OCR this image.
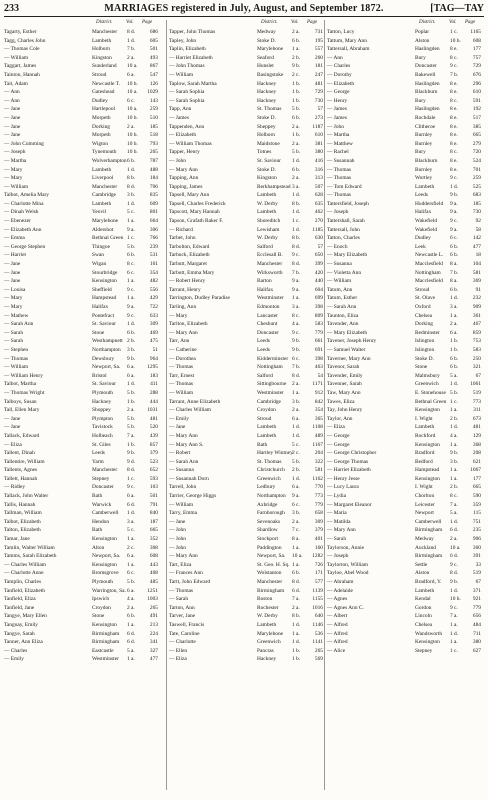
233	MARRIAGES registered in July, August, and September 1872.	[TAG—TAY
District.	Vol. Page
Tagarty, Esther	Manchester	8 d.	686
Tagg, Charles John	Lambeth	1 d.	605
— Thomas Cole	Holborn	7 b.	501
— William	Kingston	2 a.	493
Taggart, James	Sunderland	10 a.	867
Tainton, Hannah	Stroud	6 a.	547
Tait, Adam	Newcastle T.	10 b.	126
— Ann	Gateshead	10 a.	1029
— Ann	Dudley	6 c.	143
— Jane	Hartlepool	10 a.	259
— Jane	Morpeth	10 b.	510
— Jane	Dorking	2 a.	185
— Jane	Morpeth	10 b.	518
— John Cumming	Wigton	10 b.	793
— Joseph	Tynemouth	10 b.	265
— Martha	Wolverhampton 6 b.	787
— Mary	Lambeth	1 d.	488
— Mary	Liverpool	8 b.	184
— William	Manchester	8 d.	706
Talbot, Amelia Mary	Cambridge	3 b.	835
— Charlotte Mina	Lambeth	1 d.	609
— Dinah Welsh	Yeovil	5 c.	801
— Ebenezer	Marylebone	1 a.	664
— Elizabeth Ann	Aldershot	9 a.	306
— Emma	Bethnal Green 1 c.	766
— George Stephen	Thingoe	5 b.	239
— Harriet	Swan	6 b.	531
— Jane	Wigan	8 c.	161
— Jane	Stourbridge	6 c.	354
— Jane	Kensington	1 a.	482
— Louisa	Sheffield	9 c.	556
— Mary	Hampstead	1 a.	429
— Mary	Halifax	9 a.	722
— Mathew	Pontefract	9 c.	633
— Sarah Ann	St. Saviour	1 d.	309
— Sarah	Stone	6 b.	469
— Sarah	Westhampnett 2 b.	475
— Stephen	Northampton	3 b.	51
— Thomas	Dewsbury	9 b.	964
— William	Newport, Sa.	6 a.	1295
— William Henry	Bristol	6 a.	183
Talbot, Martha	St. Saviour	1 d.	411
— Thomas Wright	Plymouth	5 b.	288
Talboys, Susan	Hackney	1 b.	444
Tall, Ellen Mary	Shoppey	2 a.	1031
— Jane	Plympton	5 b.	481
— Jane	Tavistock	5 b.	520
Tallack, Edward	Holbeach	7 a.	439
— Eliza	St. Giles	1 b.	857
Tallent, Dinah	Leeds	9 b.	379
Tallentire, William	Yarm	9 d.	523
Tallents, Agnes	Manchester	8 d.	652
Tallett, Hannah	Stepney	1 c.	593
— Ridley	Doncaster	9 c.	103
Tallack, John Walter	Bath	6 a.	501
Tallis, Hannah	Warwick	6 d.	791
Tallman, William	Camberwell	1 d.	840
Talbot, Elizabeth	Hendon	3 a.	187
Talton, Elizabeth	Bath	5 c.	665
Tamar, Jane	Kensington	1 a.	352
Tamlin, Walter William	Alton	2 c.	308
Tamms, Sarah Elizabeth	Newport, Sa.	6 a.	608
— Charles William	Kensington	1 a.	443
— Charlotte Anne	Bromsgrove	6 c.	408
Tamplin, Charles	Plymouth	5 b.	485
Tanfield, Elizabeth	Warrington, Sa. 6 a.	1251
Tanfield, Eliza	Ipswich	4 a.	1003
Tanfield, Jane	Croydon	2 a.	265
Tangye, Mary Ellen	Stone	6 b.	491
Tanguay, Emily	Kensington	1 a.	213
Tangye, Sarah	Birmingham	6 d.	224
Tanner, Ann Eliza	Birmingham	6 d.	341
— Charles	Eastcastle	5 a.	327
— Emily	Westminster	1 a.	477
District.	Vol. Page
Tapper, John Thomas	Medway	2 a.	731
Tapley, John	Stoke D.	6 b.	195
Taplin, Elizabeth	Marylebone	1 a.	557
— Harriet Elizabeth	Seaford	2 b.	260
— John Thomas	Hunslet	9 b.	181
— William	Basingstoke	2 c.	247
Taplow, Sarah Martha	Hackney	1 b.	481
— Sarah Sophia	Hackney	1 b.	729
— Sarah Sophia	Hackney	1 b.	730
Tapp, Ann	St. Thomas	5 b.	57
— James	Stoke D.	6 b.	273
Tappenden, Ann	Sheppey	2 a.	1187
— Elizabeth	Holborn	1 b.	610
— William Thomas	Maidstone	2 a.	381
Tapper, Henry	Totnes	5 b.	380
— John	St. Saviour	1 d.	416
— Mary Ann	Stoke D.	6 b.	316
Tapping, Ann	Kingston	2 a.	313
Tapping, James	Berkhampstead 3 a.	507
Tapsell, Mary Ann	Lambeth	1 d.	628
Tapsell, Charles Frederick	W. Derby	8 b.	635
Tapscott, Mary Hannah	Lambeth	1 d.	462
Tapson, Grafath Baker F.	Shoreditch	1 c.	270
— Richard	Lewisham	1 d.	1185
Tarbet, John	W. Derby	8 b.	630
Tarbolton, Edward	Salford	8 d.	57
Tarbuck, Elizabeth	Ecclesall B.	9 c.	650
Tarbutt, Margaret	Manchester	8 d.	399
Tarbutt, Emma Mary	Wirksworth	7 b.	420
— Robert Henry	Barton	9 a.	440
Tarrant, Henry	Halifax	9 a.	604
Tarrington, Dudley Paradise	Westminster	1 a.	699
Tarling, Ann	Edmonton	3 a.	398
— Mary	Lancaster	8 c.	809
Tarlton, Elizabeth	Cheshunt	4 a.	583
— Mary Ann	Doncaster	9 c.	779
Tarr, Ann	Leeds	9 b.	661
— Catherine	Leeds	9 b.	691
— Dorothea	Kidderminster 6 c.	398
— Thomas	Nottingham	7 b.	463
Tarr, Ernest	Salford	8 d.	54
— Thomas	Sittingbourne	2 a.	1171
— William	Westminster	1 a.	912
Tarrant, Anne Elizabeth	Cambridge	3 b.	842
— Charles William	Croydon	2 a.	354
— Emily	Stroud	6 a.	365
— Jane	Lambeth	1 d.	1108
— Mary Ann	Lambeth	1 d.	489
— Mary Ann S.	Bath	5 c.	1167
— Robert	Hartley Wintney 2 c.	204
— Sarah Ann	St. Thomas	5 b.	322
— Susanna	Christchurch	2 b.	581
— Susannah Dorn	Greenwich	1 d.	1162
Tarrell, John	Ledbury	6 a.	770
Tarrier, George Higgs	Northampton	9 a.	773
— William	Axbridge	6 c.	779
Tarry, Emma	Farnborough	3 b.	658
— Jane	Sevenoaks	2 a.	309
— John	Shardlow	7 c.	379
— John	Stockport	8 a.	401
— John	Paddington	1 a.	160
— Mary Ann	Newport, Sa.	10 a.	1282
Tart, Eliza	St. Geo. H. Sq. 1 a.	726
— Frances Ann	Wolstanton	6 b.	171
Tartt, John Edward	Manchester	8 d.	577
— Thomas	Birmingham	6 d.	1139
— Sarah	Boston	7 a.	1155
Tarton, Ann	Rochester	2 a.	1016
Tarver, Jane	W. Derby	8 b.	640
Taswell, Francis	Lambeth	1 d.	1146
Tate, Caroline	Marylebone	1 a.	536
— Charlotte	Greenwich	1 d.	1141
— Ellen	Pancras	1 b.	265
— Eliza	Hackney	1 b.	569
District.	Vol. Page
Tatton, Lucy	Poplar	1 c.	1165
Tattum, Mary Ann	Alston	10 b.	608
Tattersall, Abraham	Haslingden	8 e.	177
— Ann	Bury	8 c.	757
— Charles	Doncaster	9 c.	729
— Dorothy	Bakewell	7 b.	676
— Elizabeth	Haslingden	8 e.	296
— George	Blackburn	8 e.	610
— Henry	Bury	8 c.	591
— James	Haslingden	8 e.	192
— James	Rochdale	8 e.	517
— John	Clitheroe	8 e.	385
— Martha	Burnley	8 e.	665
— Matthew	Burnley	8 e.	279
— Rachel	Bury	8 c.	720
— Susannah	Blackburn	8 e.	524
— Thomas	Burnley	8 e.	701
— Thomas	Wortley	9 c.	259
— Tom Edward	Lambeth	1 d.	525
— Thomas	Leeds	9 b.	683
Tattersfield, Joseph	Huddersfield	9 a.	185
— Joseph	Halifax	9 a.	730
Tattershall, Sarah	Wakefield	9 c.	92
Tattersall, John	Wakefield	9 a.	58
Tatton, Charles	Dudley	6 c.	142
— Enoch	Leek	6 b.	477
— Mary Elizabeth	Newcastle L.	6 b.	18
— Susanna	Macclesfield	8 a.	104
— Violetta Ann	Nottingham	7 b.	581
— William	Macclesfield	8 a.	369
Tatum, Ann	Stroud	6 b.	91
Tatum, Esther	St. Olave	1 d.	232
— Sarah Ann	Oxford	3 a.	909
Taunton, Eliza	Chelsea	1 a.	361
Tavender, Ann	Dorking	2 a.	467
— Mary Elizabeth	Bedminster	6 a.	859
Tavener, Joseph Henry	Islington	1 b.	753
— Samuel Walter	Islington	1 b.	583
Taverner, Mary Ann	Stoke D.	6 b.	250
Tavenor, Sarah	Stone	6 b.	321
Tavender, Emily	Malmsbury	5 a.	67
Tavenner, Sarah	Greenwich	1 d.	1061
Taw, Mary Ann	E. Stonehouse 5 b.	519
Tawes, Eliza	Bethnal Green 1 c.	773
Tay, John Henry	Kensington	1 a.	311
Taylor, Ann	I. Wight	2 b.	673
— Eliza	Lambeth	1 d.	481
— George	Rochford	4 a.	129
— George	Kensington	1 a.	368
— George Christopher	Bradford	9 b.	208
— George Thomas	Bedford	3 b.	621
— Harriet Elizabeth	Hampstead	1 a.	1067
— Henry Jesse	Kensington	1 a.	177
— Lucy Laura	I. Wight	2 b.	665
— Lydia	Chorlton	8 c.	590
— Margaret Eleanor	Leicester	7 a.	359
— Maria	Newport	5 a.	115
— Matilda	Camberwell	1 d.	751
— Mary Ann	Birmingham	6 d.	235
— Sarah	Medway	2 a.	906
Taylorson, Annie	Auckland	10 a.	360
— Joseph	Birmingham	6 d.	391
Taylorton, William	Settle	9 c.	33
Tayloe, Abel Wood	Alston	8 d.	519
— Abraham	Bradford, Y.	9 b.	67
— Adelaide	Lambeth	1 d.	371
— Agnes	Kendal	10 b.	921
— Agnes Ann C.	Gordon	9 c.	779
— Albert	Lincoln	7 a.	656
— Alfred	Chelsea	1 a.	484
— Alfred	Wandsworth	1 d.	711
— Alfred	Kensington	1 a.	380
— Alice	Stepney	1 c.	627
